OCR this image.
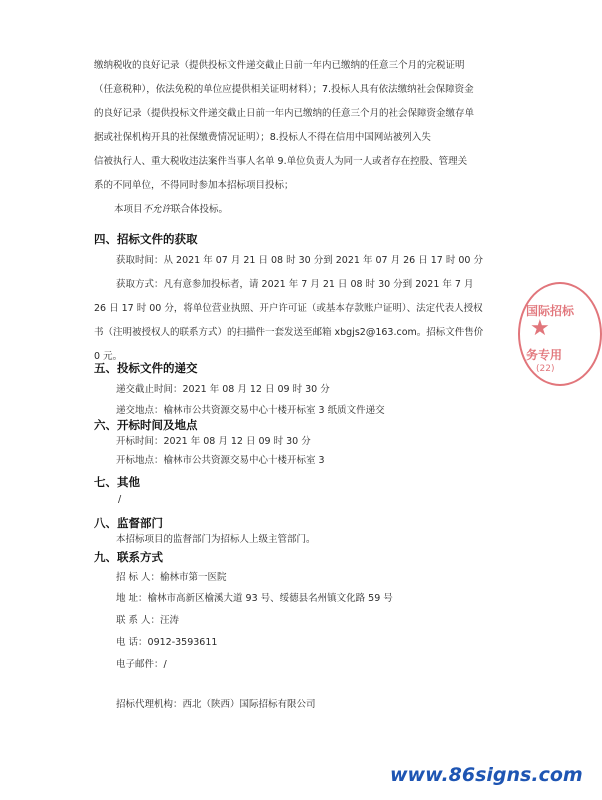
缴纳税收的良好记录（提供投标文件递交截止日前一年内已缴纳的任意三个月的完税证明
（任意税种），依法免税的单位应提供相关证明材料）；7.投标人具有依法缴纳社会保障资金
的良好记录（提供投标文件递交截止日前一年内已缴纳的任意三个月的社会保障资金缴存单
据或社保机构开具的社保缴费情况证明）；8.投标人不得在信用中国网站被列入失
信被执行人、重大税收违法案件当事人名单 9.单位负责人为同一人或者存在控股、管理关
系的不同单位，不得同时参加本招标项目投标；
本项目不允许联合体投标。
四、招标文件的获取
获取时间：从 2021 年 07 月 21 日 08 时 30 分到 2021 年 07 月 26 日 17 时 00 分
获取方式：凡有意参加投标者，请 2021 年 7 月 21 日 08 时 30 分到 2021 年 7 月
26 日 17 时 00 分，将单位营业执照、开户许可证（或基本存款账户证明）、法定代表人授权
书（注明被授权人的联系方式）的扫描件一套发送至邮箱 xbgjs2@163.com。招标文件售价
0 元。
五、投标文件的递交
递交截止时间：2021 年 08 月 12 日 09 时 30 分
递交地点：榆林市公共资源交易中心十楼开标室 3 纸质文件递交
六、开标时间及地点
开标时间：2021 年 08 月 12 日 09 时 30 分
开标地点：榆林市公共资源交易中心十楼开标室 3
七、其他
/
八、监督部门
本招标项目的监督部门为招标人上级主管部门。
九、联系方式
招 标 人：榆林市第一医院
地 址：榆林市高新区榆溪大道 93 号、绥德县名州镇文化路 59 号
联 系 人：汪涛
电 话：0912-3593611
电子邮件：/
招标代理机构：西北（陕西）国际招标有限公司
国际招标
★
务专用
(22)
www.86signs.com
